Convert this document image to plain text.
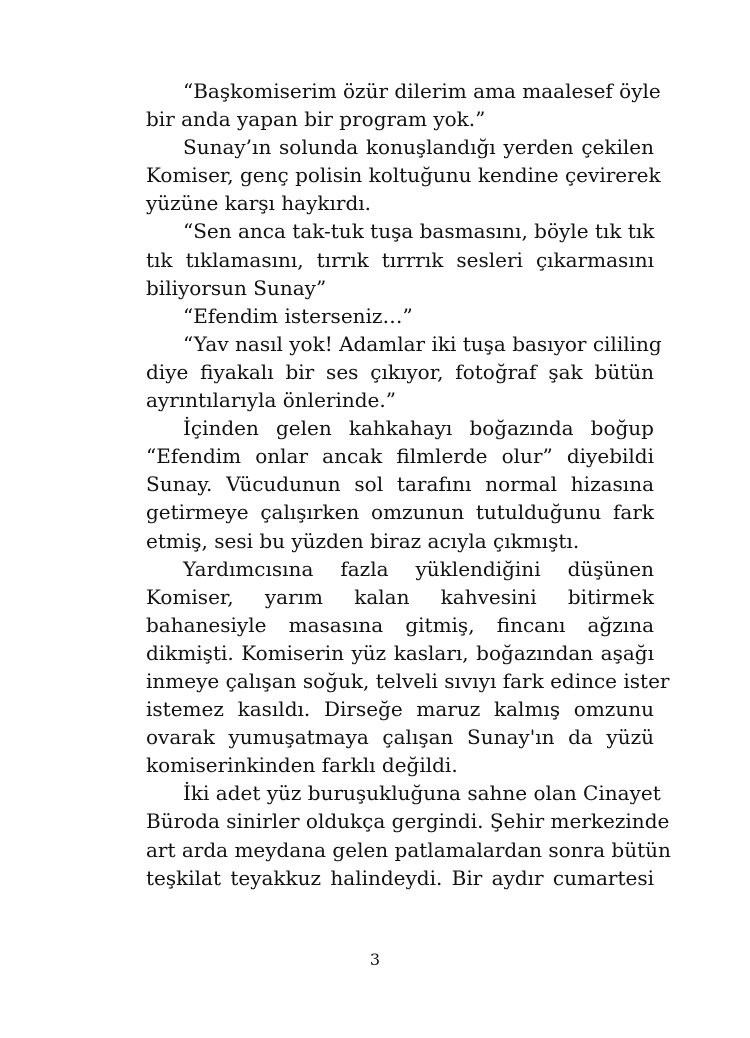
“Başkomiserim özür dilerim ama maalesef öyle
bir anda yapan bir program yok.”
Sunay’ın solunda konuşlandığı yerden çekilen
Komiser, genç polisin koltuğunu kendine çevirerek
yüzüne karşı haykırdı.
“Sen anca tak-tuk tuşa basmasını, böyle tık tık
tık tıklamasını, tırrık tırrrık sesleri çıkarmasını
biliyorsun Sunay”
“Efendim isterseniz…”
“Yav nasıl yok! Adamlar iki tuşa basıyor cililing
diye fiyakalı bir ses çıkıyor, fotoğraf şak bütün
ayrıntılarıyla önlerinde.”
İçinden gelen kahkahayı boğazında boğup
“Efendim onlar ancak filmlerde olur” diyebildi
Sunay. Vücudunun sol tarafını normal hizasına
getirmeye çalışırken omzunun tutulduğunu fark
etmiş, sesi bu yüzden biraz acıyla çıkmıştı.
Yardımcısına fazla yüklendiğini düşünen
Komiser, yarım kalan kahvesini bitirmek
bahanesiyle masasına gitmiş, fincanı ağzına
dikmişti. Komiserin yüz kasları, boğazından aşağı
inmeye çalışan soğuk, telveli sıvıyı fark edince ister
istemez kasıldı. Dirseğe maruz kalmış omzunu
ovarak yumuşatmaya çalışan Sunay'ın da yüzü
komiserinkinden farklı değildi.
İki adet yüz buruşukluğuna sahne olan Cinayet
Büroda sinirler oldukça gergindi. Şehir merkezinde
art arda meydana gelen patlamalardan sonra bütün
teşkilat teyakkuz halindeydi. Bir aydır cumartesi
3
